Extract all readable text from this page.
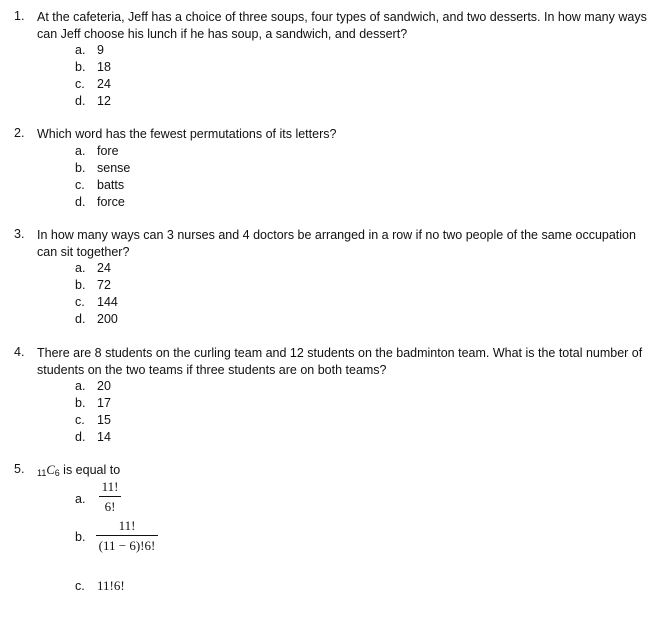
1. At the cafeteria, Jeff has a choice of three soups, four types of sandwich, and two desserts. In how many ways
can Jeff choose his lunch if he has soup, a sandwich, and dessert?
a. 9
b. 18
c. 24
d. 12
2. Which word has the fewest permutations of its letters?
a. fore
b. sense
c. batts
d. force
3. In how many ways can 3 nurses and 4 doctors be arranged in a row if no two people of the same occupation
can sit together?
a. 24
b. 72
c. 144
d. 200
4. There are 8 students on the curling team and 12 students on the badminton team. What is the total number of
students on the two teams if three students are on both teams?
a. 20
b. 17
c. 15
d. 14
5. $_{11}C_6$ is equal to
a.
11!
6!
b.
11!
(11 − 6)!6!
c. 11!6!
